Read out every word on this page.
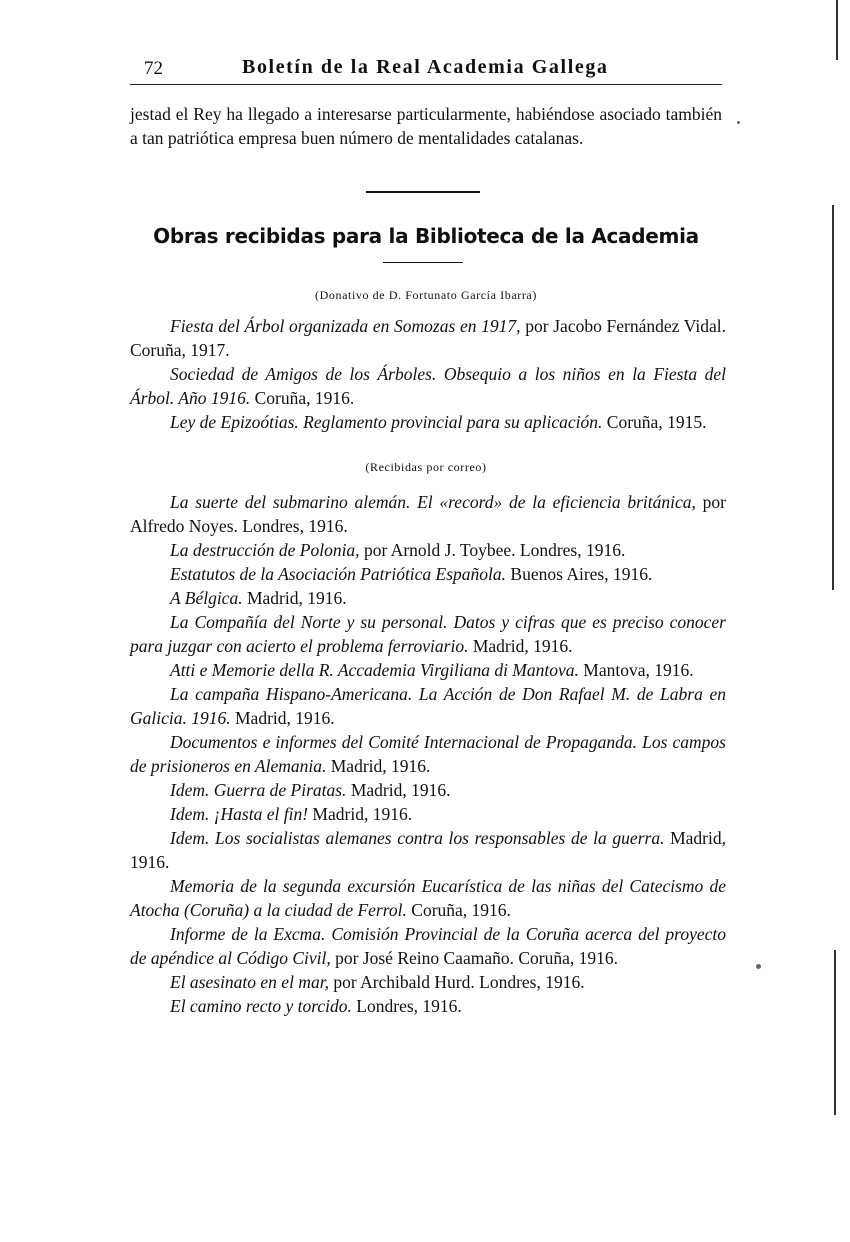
72	Boletín de la Real Academia Gallega

jestad el Rey ha llegado a interesarse particularmente, habiéndose asociado también a tan patriótica empresa buen número de mentalidades catalanas.

Obras recibidas para la Biblioteca de la Academia
(Donativo de D. Fortunato García Ibarra)

Fiesta del Árbol organizada en Somozas en 1917, por Jacobo Fernández Vidal. Coruña, 1917.

Sociedad de Amigos de los Árboles. Obsequio a los niños en la Fiesta del Árbol. Año 1916. Coruña, 1916.

Ley de Epizoótias. Reglamento provincial para su aplicación. Coruña, 1915.

(Recibidas por correo)

La suerte del submarino alemán. El «record» de la eficiencia británica, por Alfredo Noyes. Londres, 1916.

La destrucción de Polonia, por Arnold J. Toybee. Londres, 1916.

Estatutos de la Asociación Patriótica Española. Buenos Aires, 1916.

A Bélgica. Madrid, 1916.

La Compañía del Norte y su personal. Datos y cifras que es preciso conocer para juzgar con acierto el problema ferroviario. Madrid, 1916.

Atti e Memorie della R. Accademia Virgiliana di Mantova. Mantova, 1916.

La campaña Hispano-Americana. La Acción de Don Rafael M. de Labra en Galicia. 1916. Madrid, 1916.

Documentos e informes del Comité Internacional de Propaganda. Los campos de prisioneros en Alemania. Madrid, 1916.

Idem. Guerra de Piratas. Madrid, 1916.

Idem. ¡Hasta el fin! Madrid, 1916.

Idem. Los socialistas alemanes contra los responsables de la guerra. Madrid, 1916.

Memoria de la segunda excursión Eucarística de las niñas del Catecismo de Atocha (Coruña) a la ciudad de Ferrol. Coruña, 1916.

Informe de la Excma. Comisión Provincial de la Coruña acerca del proyecto de apéndice al Código Civil, por José Reino Caamaño. Coruña, 1916.

El asesinato en el mar, por Archibald Hurd. Londres, 1916.

El camino recto y torcido. Londres, 1916.
